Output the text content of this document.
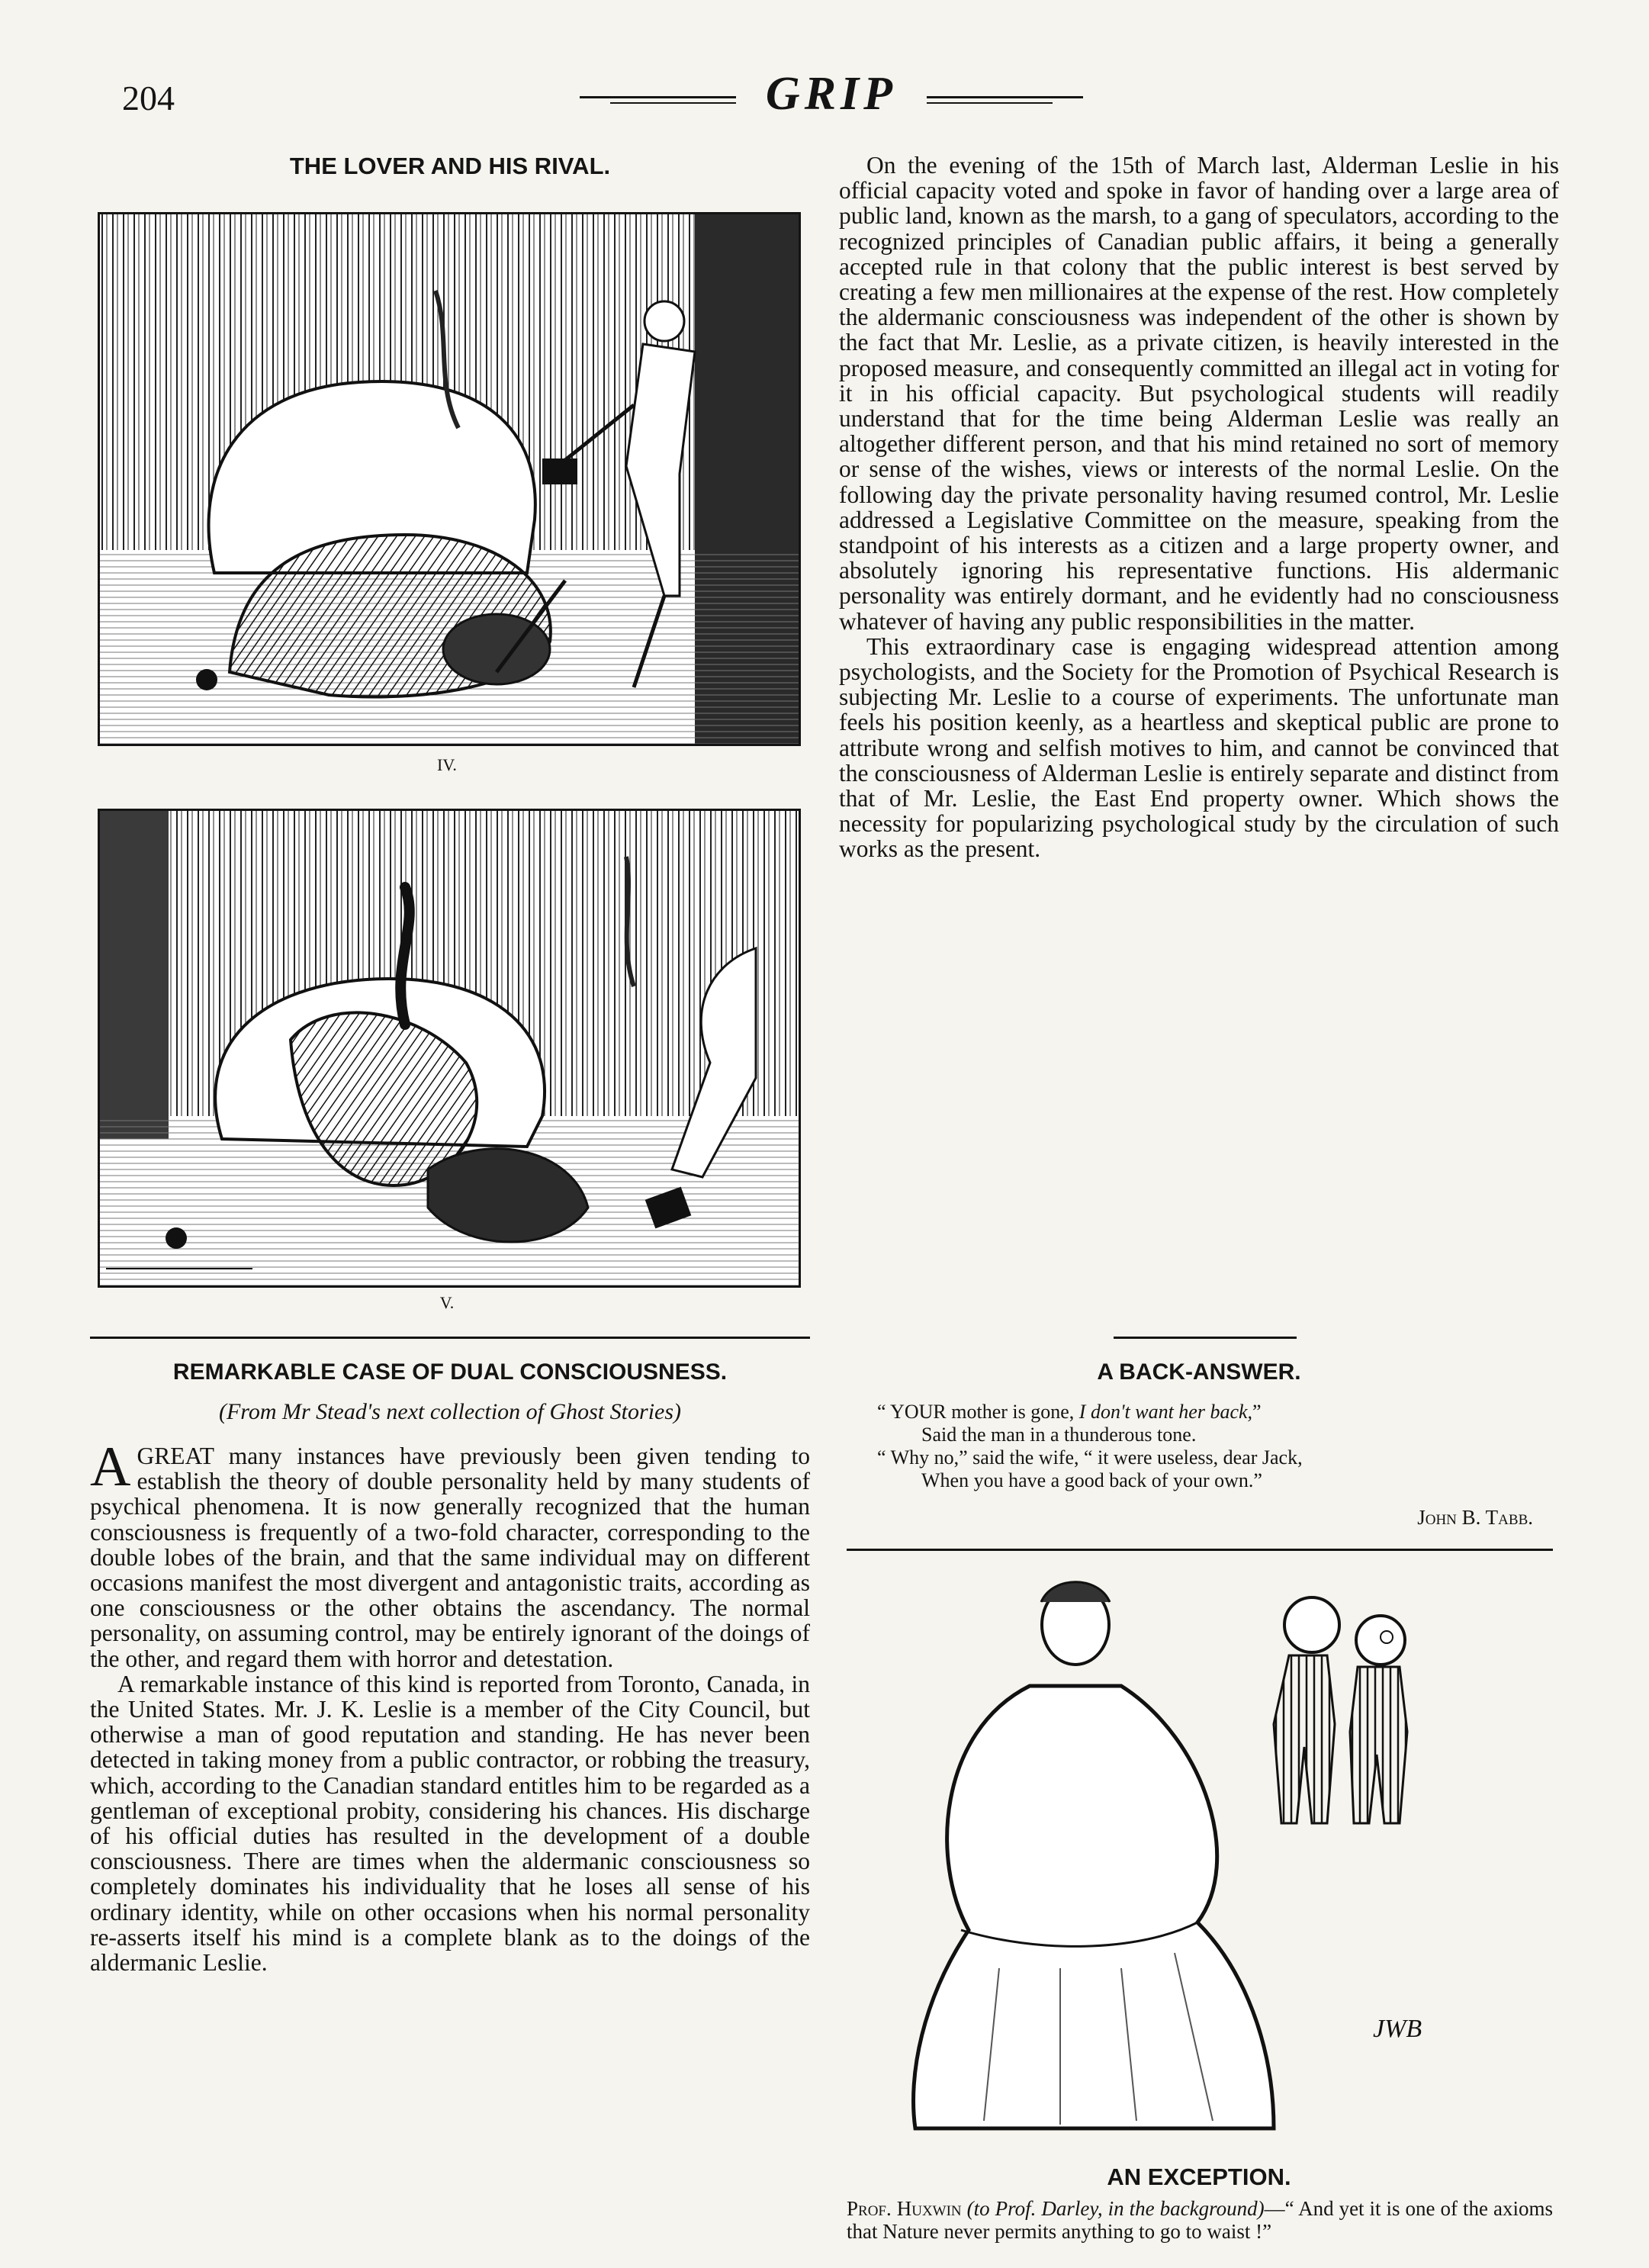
204	GRIP
THE LOVER AND HIS RIVAL.
IV.
V.
REMARKABLE CASE OF DUAL CONSCIOUSNESS.
(From Mr Stead's next collection of Ghost Stories)

AGREAT many instances have previously been given tending to establish the theory of double personality held by many students of psychical phenomena. It is now generally recognized that the human consciousness is frequently of a two-fold character, corresponding to the double lobes of the brain, and that the same individual may on different occasions manifest the most divergent and antagonistic traits, according as one consciousness or the other obtains the ascendancy. The normal personality, on assuming control, may be entirely ignorant of the doings of the other, and regard them with horror and detestation.

A remarkable instance of this kind is reported from Toronto, Canada, in the United States. Mr. J. K. Leslie is a member of the City Council, but otherwise a man of good reputation and standing. He has never been detected in taking money from a public contractor, or robbing the treasury, which, according to the Canadian standard entitles him to be regarded as a gentleman of exceptional probity, considering his chances. His discharge of his official duties has resulted in the development of a double consciousness. There are times when the aldermanic consciousness so completely dominates his individuality that he loses all sense of his ordinary identity, while on other occasions when his normal personality re-asserts itself his mind is a complete blank as to the doings of the aldermanic Leslie.

On the evening of the 15th of March last, Alderman Leslie in his official capacity voted and spoke in favor of handing over a large area of public land, known as the marsh, to a gang of speculators, according to the recognized principles of Canadian public affairs, it being a generally accepted rule in that colony that the public interest is best served by creating a few men millionaires at the expense of the rest. How completely the aldermanic consciousness was independent of the other is shown by the fact that Mr. Leslie, as a private citizen, is heavily interested in the proposed measure, and consequently committed an illegal act in voting for it in his official capacity. But psychological students will readily understand that for the time being Alderman Leslie was really an altogether different person, and that his mind retained no sort of memory or sense of the wishes, views or interests of the normal Leslie. On the following day the private personality having resumed control, Mr. Leslie addressed a Legislative Committee on the measure, speaking from the standpoint of his interests as a citizen and a large property owner, and absolutely ignoring his representative functions. His aldermanic personality was entirely dormant, and he evidently had no consciousness whatever of having any public responsibilities in the matter.

This extraordinary case is engaging widespread attention among psychologists, and the Society for the Promotion of Psychical Research is subjecting Mr. Leslie to a course of experiments. The unfortunate man feels his position keenly, as a heartless and skeptical public are prone to attribute wrong and selfish motives to him, and cannot be convinced that the consciousness of Alderman Leslie is entirely separate and distinct from that of Mr. Leslie, the East End property owner. Which shows the necessity for popularizing psychological study by the circulation of such works as the present.

A BACK-ANSWER.
“ YOUR mother is gone, I don't want her back,”
Said the man in a thunderous tone.
“ Why no,” said the wife, “ it were useless, dear Jack,
When you have a good back of your own.”
John B. Tabb.
JWB
AN EXCEPTION.
Prof. Huxwin (to Prof. Darley, in the background)—“ And yet it is one of the axioms that Nature never permits anything to go to waist !”
